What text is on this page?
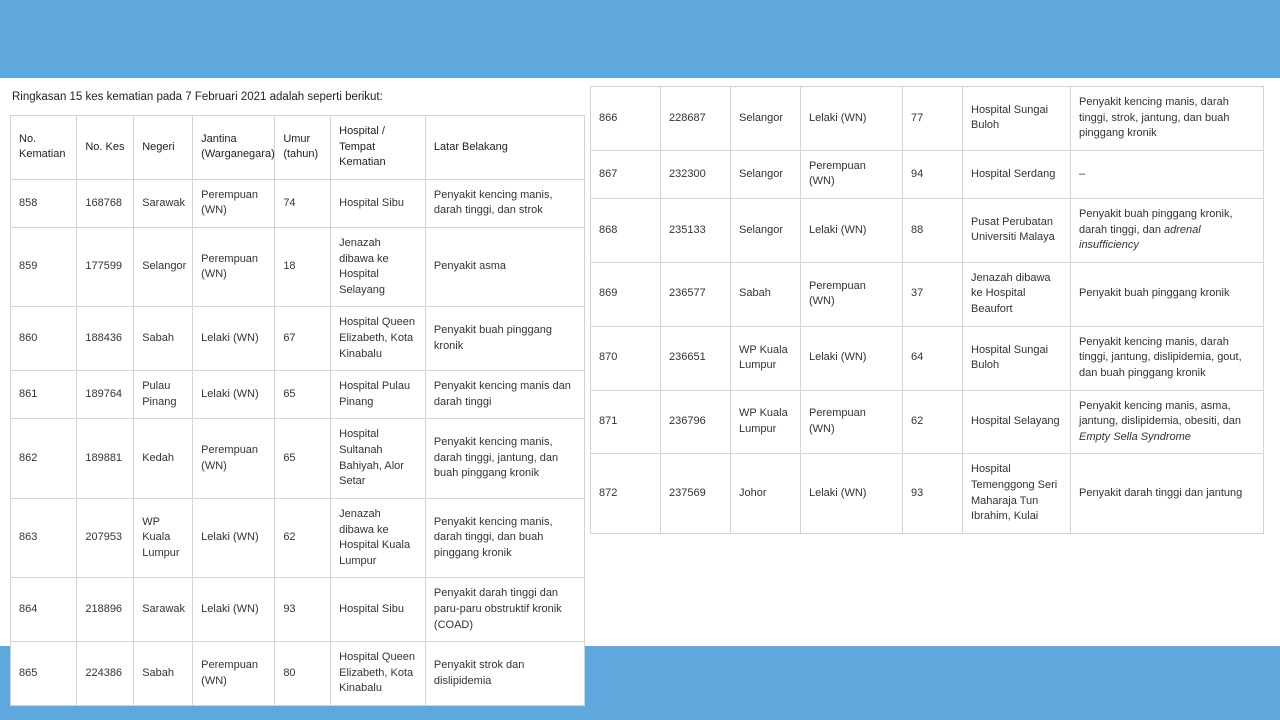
Ringkasan 15 kes kematian pada 7 Februari 2021 adalah seperti berikut:

No. Kematian	No. Kes	Negeri	Jantina (Warganegara)	Umur (tahun)	Hospital / Tempat Kematian	Latar Belakang
858	168768	Sarawak	Perempuan (WN)	74	Hospital Sibu	Penyakit kencing manis, darah tinggi, dan strok
859	177599	Selangor	Perempuan (WN)	18	Jenazah dibawa ke Hospital Selayang	Penyakit asma
860	188436	Sabah	Lelaki (WN)	67	Hospital Queen Elizabeth, Kota Kinabalu	Penyakit buah pinggang kronik
861	189764	Pulau Pinang	Lelaki (WN)	65	Hospital Pulau Pinang	Penyakit kencing manis dan darah tinggi
862	189881	Kedah	Perempuan (WN)	65	Hospital Sultanah Bahiyah, Alor Setar	Penyakit kencing manis, darah tinggi, jantung, dan buah pinggang kronik
863	207953	WP Kuala Lumpur	Lelaki (WN)	62	Jenazah dibawa ke Hospital Kuala Lumpur	Penyakit kencing manis, darah tinggi, dan buah pinggang kronik
864	218896	Sarawak	Lelaki (WN)	93	Hospital Sibu	Penyakit darah tinggi dan paru-paru obstruktif kronik (COAD)
865	224386	Sabah	Perempuan (WN)	80	Hospital Queen Elizabeth, Kota Kinabalu	Penyakit strok dan dislipidemia
866	228687	Selangor	Lelaki (WN)	77	Hospital Sungai Buloh	Penyakit kencing manis, darah tinggi, strok, jantung, dan buah pinggang kronik
867	232300	Selangor	Perempuan (WN)	94	Hospital Serdang	–
868	235133	Selangor	Lelaki (WN)	88	Pusat Perubatan Universiti Malaya	Penyakit buah pinggang kronik, darah tinggi, dan adrenal insufficiency
869	236577	Sabah	Perempuan (WN)	37	Jenazah dibawa ke Hospital Beaufort	Penyakit buah pinggang kronik
870	236651	WP Kuala Lumpur	Lelaki (WN)	64	Hospital Sungai Buloh	Penyakit kencing manis, darah tinggi, jantung, dislipidemia, gout, dan buah pinggang kronik
871	236796	WP Kuala Lumpur	Perempuan (WN)	62	Hospital Selayang	Penyakit kencing manis, asma, jantung, dislipidemia, obesiti, dan Empty Sella Syndrome
872	237569	Johor	Lelaki (WN)	93	Hospital Temenggong Seri Maharaja Tun Ibrahim, Kulai	Penyakit darah tinggi dan jantung
